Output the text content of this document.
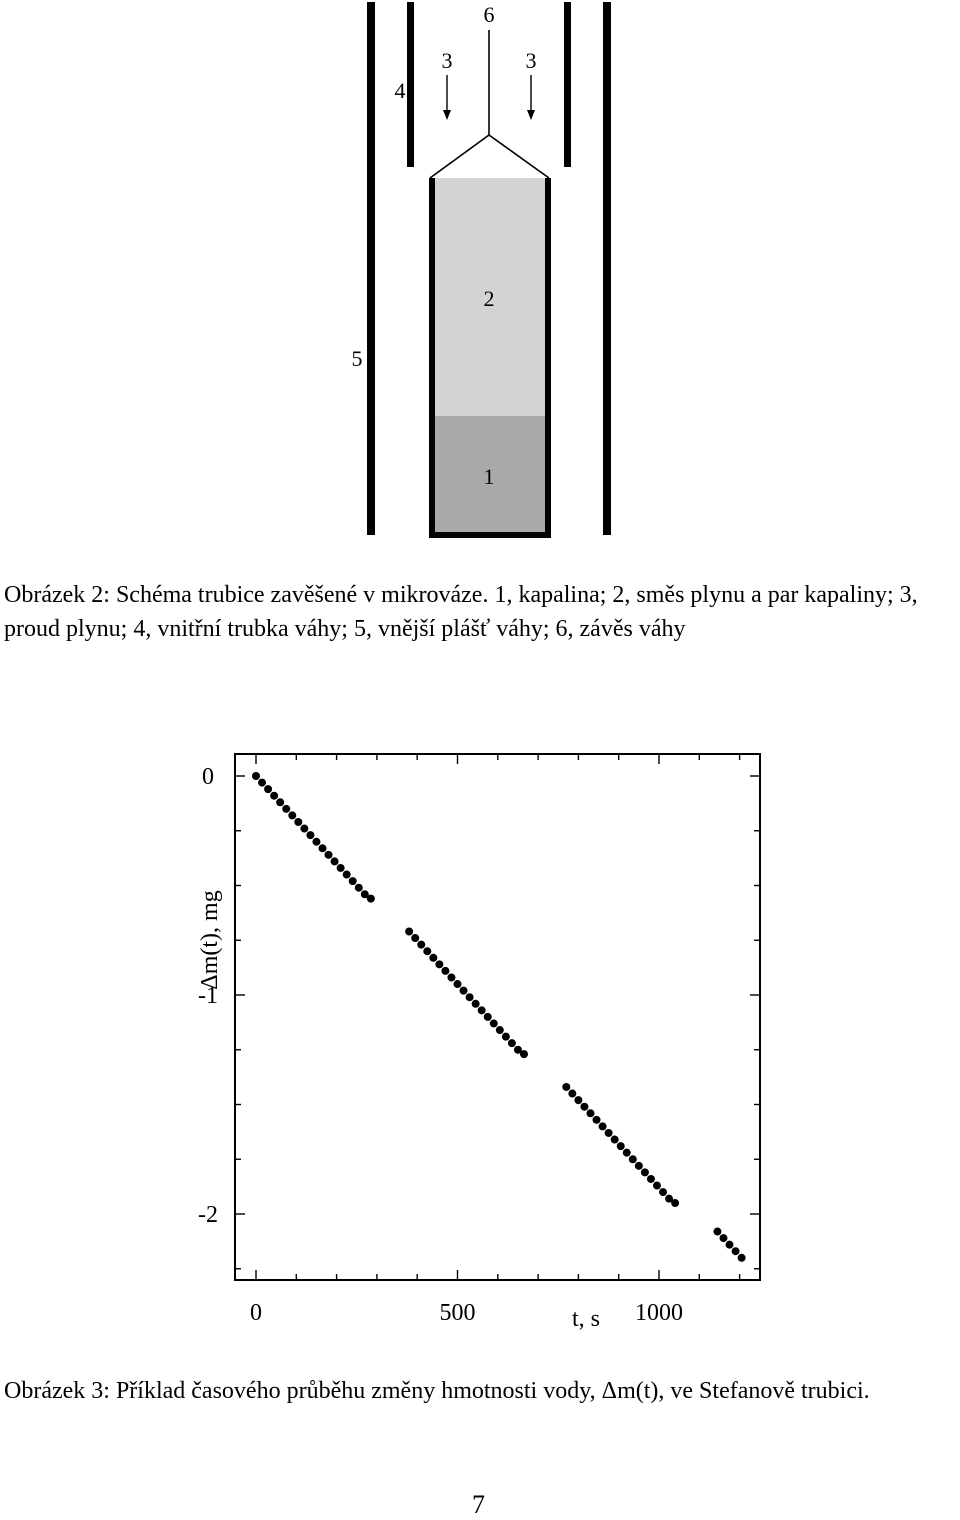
6
3	3
4
5
2
1
Obrázek 2: Schéma trubice zavěšené v mikrováze. 1, kapalina; 2, směs plynu a par kapaliny; 3, proud plynu; 4, vnitřní trubka váhy; 5, vnější plášť váhy; 6, závěs váhy
0	500	1000
0
-1
-2
t, s
Δm(t), mg
Obrázek 3: Příklad časového průběhu změny hmotnosti vody, Δm(t), ve Stefanově trubici.
7
